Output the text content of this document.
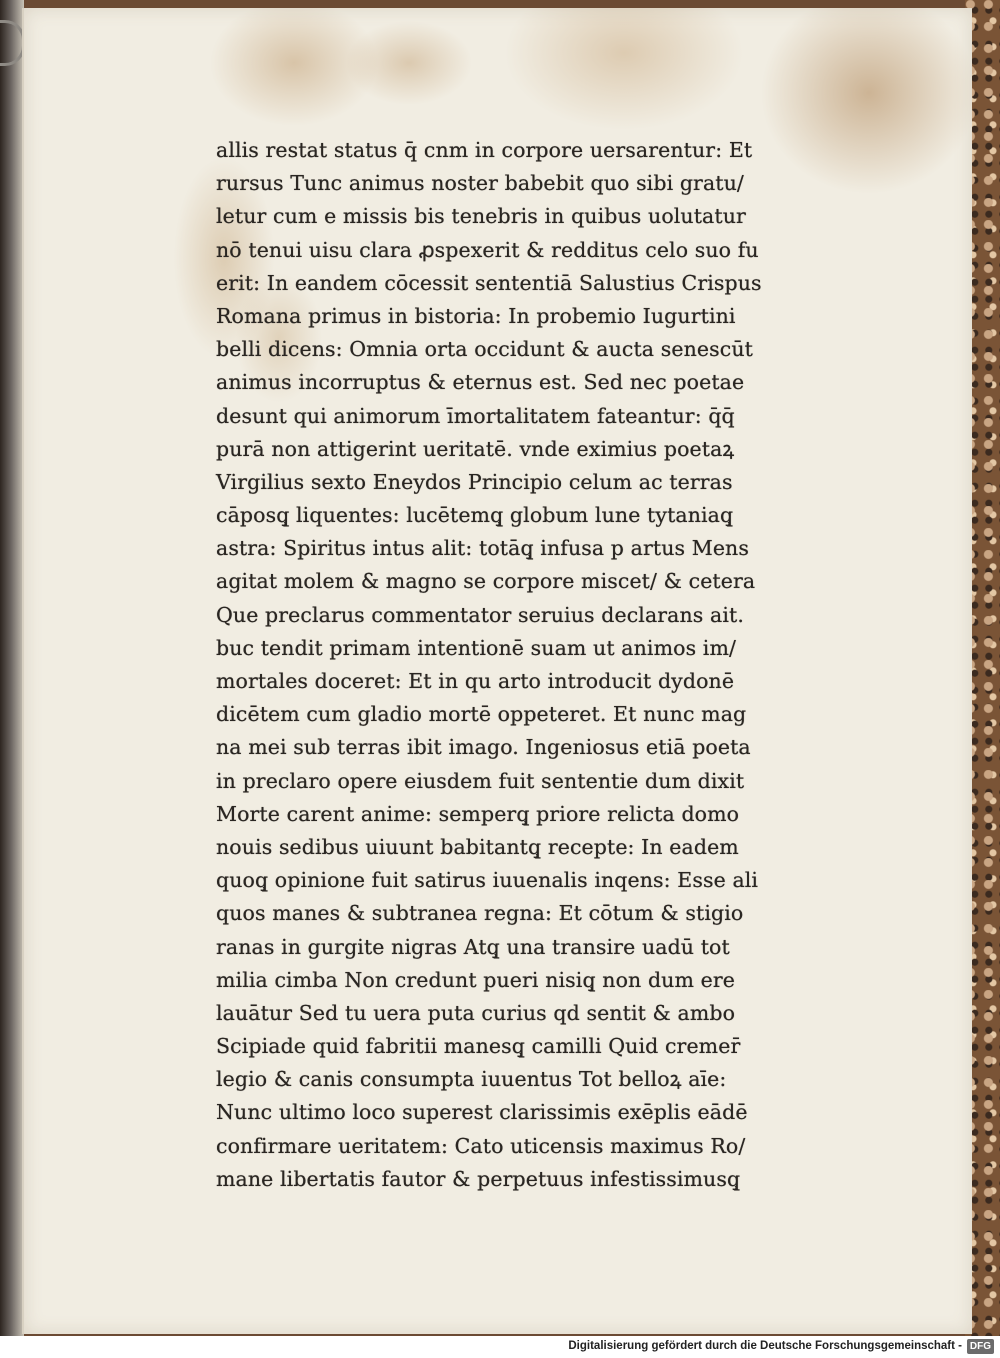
allis restat status q̄ cnm in corpore uersarentur: Et
rursus Tunc animus noster babebit quo sibi gratu/
letur cum e missis bis tenebris in quibus uolutatur
nō tenui uisu clara ꝓspexerit & redditus celo suo fu
erit: In eandem cōcessit sententiā Salustius Crispus
Romana primus in bistoria: In probemio Iugurtini
belli dicens: Omnia orta occidunt & aucta senescūt
animus incorruptus & eternus est. Sed nec poetae
desunt qui animorum īmortalitatem fateantur: q̄q̄
purā non attigerint ueritatē. vnde eximius poetaꝝ
Virgilius sexto Eneydos Principio celum ac terras
cāposq̧ liquentes: lucētemq̧ globum lune tytaniaq̧
astra: Spiritus intus alit: totāq̧ infusa p artus Mens
agitat molem & magno se corpore miscet/ & cetera
Que preclarus commentator seruius declarans ait.
buc tendit primam intentionē suam ut animos im/
mortales doceret: Et in qu arto introducit dydonē
dicētem cum gladio mortē oppeteret. Et nunc mag
na mei sub terras ibit imago. Ingeniosus etiā poeta
in preclaro opere eiusdem fuit sententie dum dixit
Morte carent anime: semperq̧ priore relicta domo
nouis sedibus uiuunt babitantq̧ recepte: In eadem
quoq̧ opinione fuit satirus iuuenalis inqens: Esse ali
quos manes & subtranea regna: Et cōtum & stigio
ranas in gurgite nigras Atq̧ una transire uadū tot
milia cimba Non credunt pueri nisiq̧ non dum ere
lauātur Sed tu uera puta curius qd sentit & ambo
Scipiade quid fabritii manesq̧ camilli Quid cremer̄
legio & canis consumpta iuuentus Tot belloꝝ aīe:
Nunc ultimo loco superest clarissimis exēplis eādē
confirmare ueritatem: Cato uticensis maximus Ro/
mane libertatis fautor & perpetuus infestissimusq̧
Digitalisierung gefördert durch die Deutsche Forschungsgemeinschaft - DFG
